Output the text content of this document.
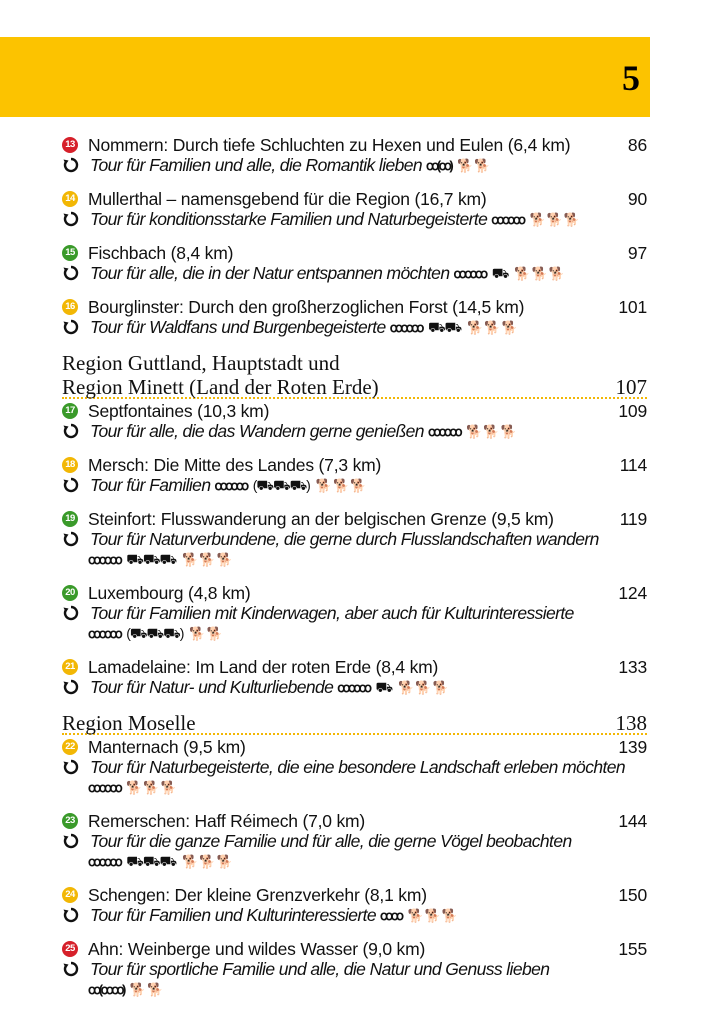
5
13 Nommern: Durch tiefe Schluchten zu Hexen und Eulen (6,4 km)	86
Tour für Familien und alle, die Romantik lieben ꝏ(ꝏ) 🐕🐕
14 Mullerthal – namensgebend für die Region (16,7 km)	90
Tour für konditionsstarke Familien und Naturbegeisterte ꝏꝏꝏ 🐕🐕🐕
15 Fischbach (8,4 km)	97
Tour für alle, die in der Natur entspannen möchten ꝏꝏꝏ ⛟ 🐕🐕🐕
16 Bourglinster: Durch den großherzoglichen Forst (14,5 km)	101
Tour für Waldfans und Burgenbegeisterte ꝏꝏꝏ ⛟⛟ 🐕🐕🐕
Region Guttland, Hauptstadt und
Region Minett (Land der Roten Erde)	107
17 Septfontaines (10,3 km)	109
Tour für alle, die das Wandern gerne genießen ꝏꝏꝏ 🐕🐕🐕
18 Mersch: Die Mitte des Landes (7,3 km)	114
Tour für Familien ꝏꝏꝏ (⛟⛟⛟) 🐕🐕🐕
19 Steinfort: Flusswanderung an der belgischen Grenze (9,5 km)	119
Tour für Naturverbundene, die gerne durch Flusslandschaften wandern
ꝏꝏꝏ ⛟⛟⛟ 🐕🐕🐕
20 Luxembourg (4,8 km)	124
Tour für Familien mit Kinderwagen, aber auch für Kulturinteressierte
ꝏꝏꝏ (⛟⛟⛟) 🐕🐕
21 Lamadelaine: Im Land der roten Erde (8,4 km)	133
Tour für Natur- und Kulturliebende ꝏꝏꝏ ⛟ 🐕🐕🐕
Region Moselle	138
22 Manternach (9,5 km)	139
Tour für Naturbegeisterte, die eine besondere Landschaft erleben möchten
ꝏꝏꝏ 🐕🐕🐕
23 Remerschen: Haff Réimech (7,0 km)	144
Tour für die ganze Familie und für alle, die gerne Vögel beobachten
ꝏꝏꝏ ⛟⛟⛟ 🐕🐕🐕
24 Schengen: Der kleine Grenzverkehr (8,1 km)	150
Tour für Familien und Kulturinteressierte ꝏꝏ 🐕🐕🐕
25 Ahn: Weinberge und wildes Wasser (9,0 km)	155
Tour für sportliche Familie und alle, die Natur und Genuss lieben
ꝏ(ꝏꝏ) 🐕🐕
